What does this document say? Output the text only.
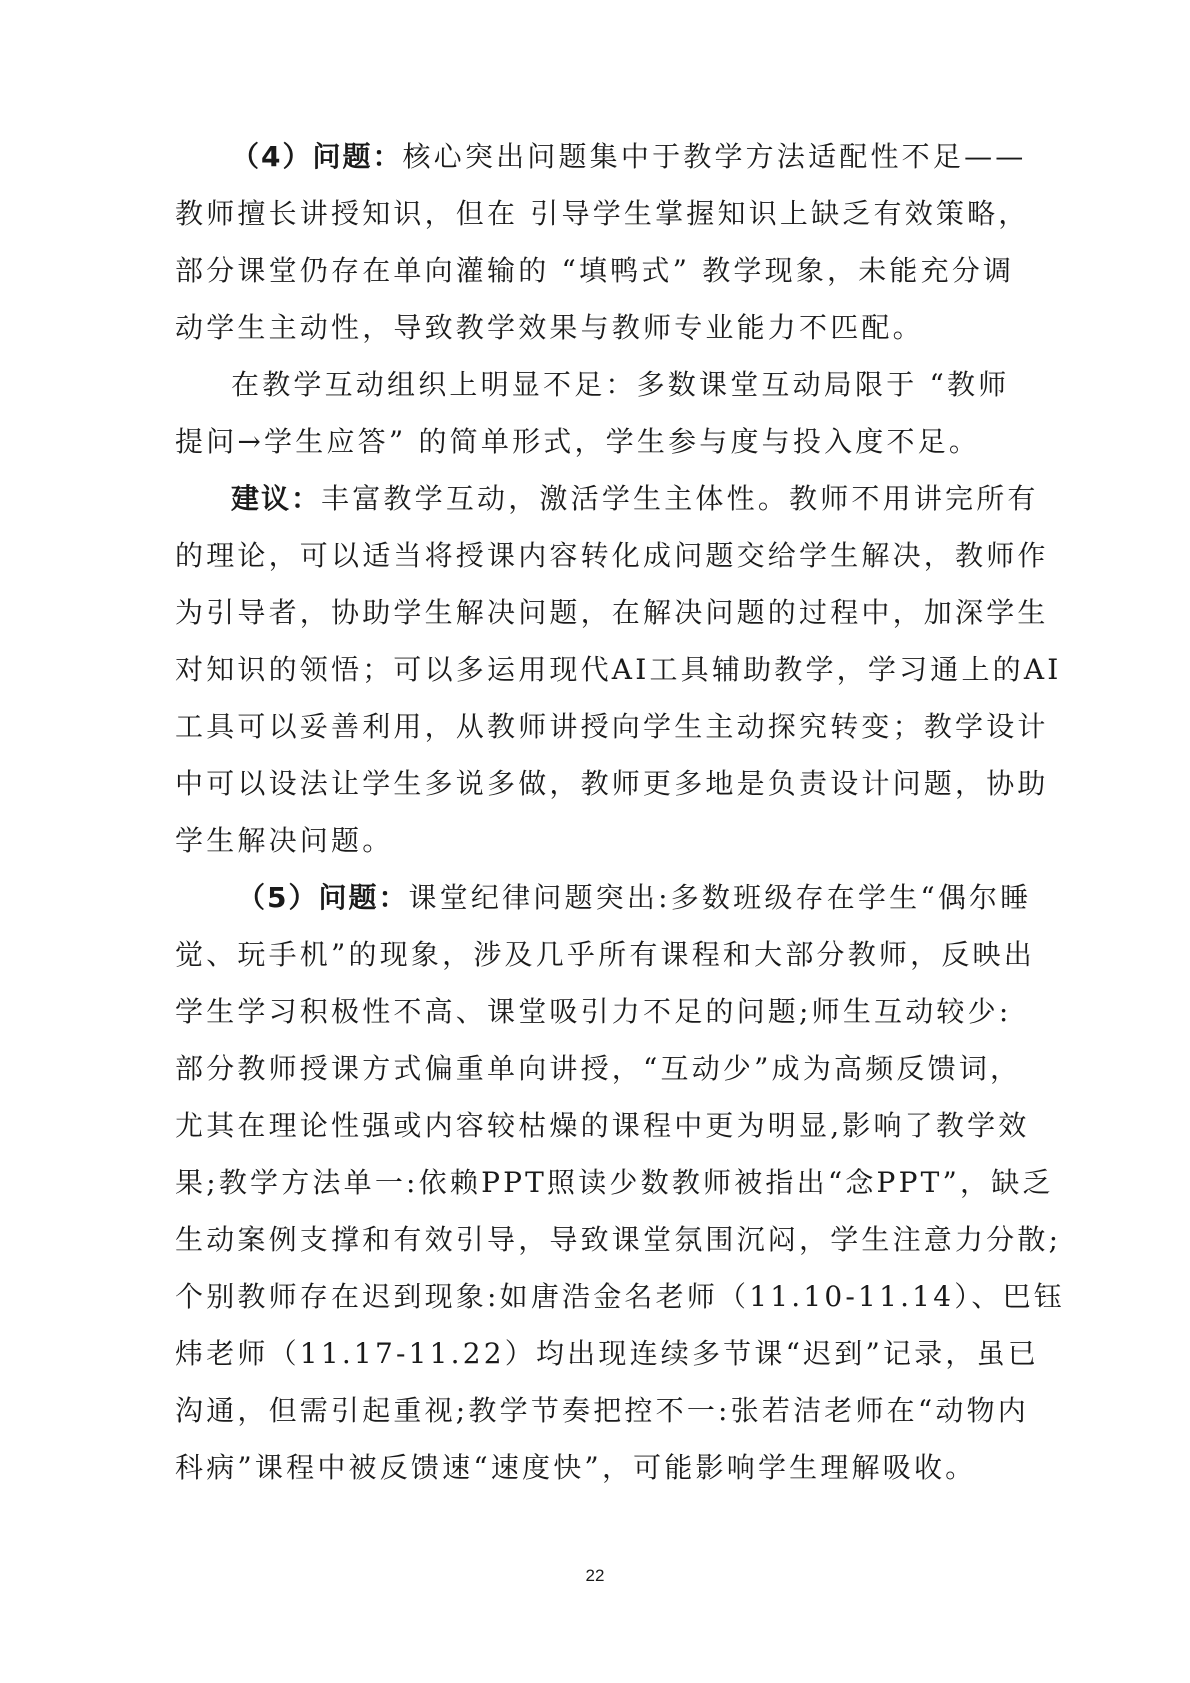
（4）问题：核心突出问题集中于教学方法适配性不足——
教师擅长讲授知识，但在 引导学生掌握知识上缺乏有效策略，
部分课堂仍存在单向灌输的 “填鸭式” 教学现象，未能充分调
动学生主动性，导致教学效果与教师专业能力不匹配。
在教学互动组织上明显不足：多数课堂互动局限于 “教师
提问→学生应答” 的简单形式，学生参与度与投入度不足。
建议：丰富教学互动，激活学生主体性。教师不用讲完所有
的理论，可以适当将授课内容转化成问题交给学生解决，教师作
为引导者，协助学生解决问题，在解决问题的过程中，加深学生
对知识的领悟；可以多运用现代AI工具辅助教学，学习通上的AI
工具可以妥善利用，从教师讲授向学生主动探究转变；教学设计
中可以设法让学生多说多做，教师更多地是负责设计问题，协助
学生解决问题。
（5）问题：课堂纪律问题突出:多数班级存在学生“偶尔睡
觉、玩手机”的现象，涉及几乎所有课程和大部分教师，反映出
学生学习积极性不高、课堂吸引力不足的问题;师生互动较少:
部分教师授课方式偏重单向讲授，“互动少”成为高频反馈词，
尤其在理论性强或内容较枯燥的课程中更为明显,影响了教学效
果;教学方法单一:依赖PPT照读少数教师被指出“念PPT”，缺乏
生动案例支撑和有效引导，导致课堂氛围沉闷，学生注意力分散;
个别教师存在迟到现象:如唐浩金名老师（11.10-11.14）、巴钰
炜老师（11.17-11.22）均出现连续多节课“迟到”记录，虽已
沟通，但需引起重视;教学节奏把控不一:张若洁老师在“动物内
科病”课程中被反馈速“速度快”，可能影响学生理解吸收。
22
